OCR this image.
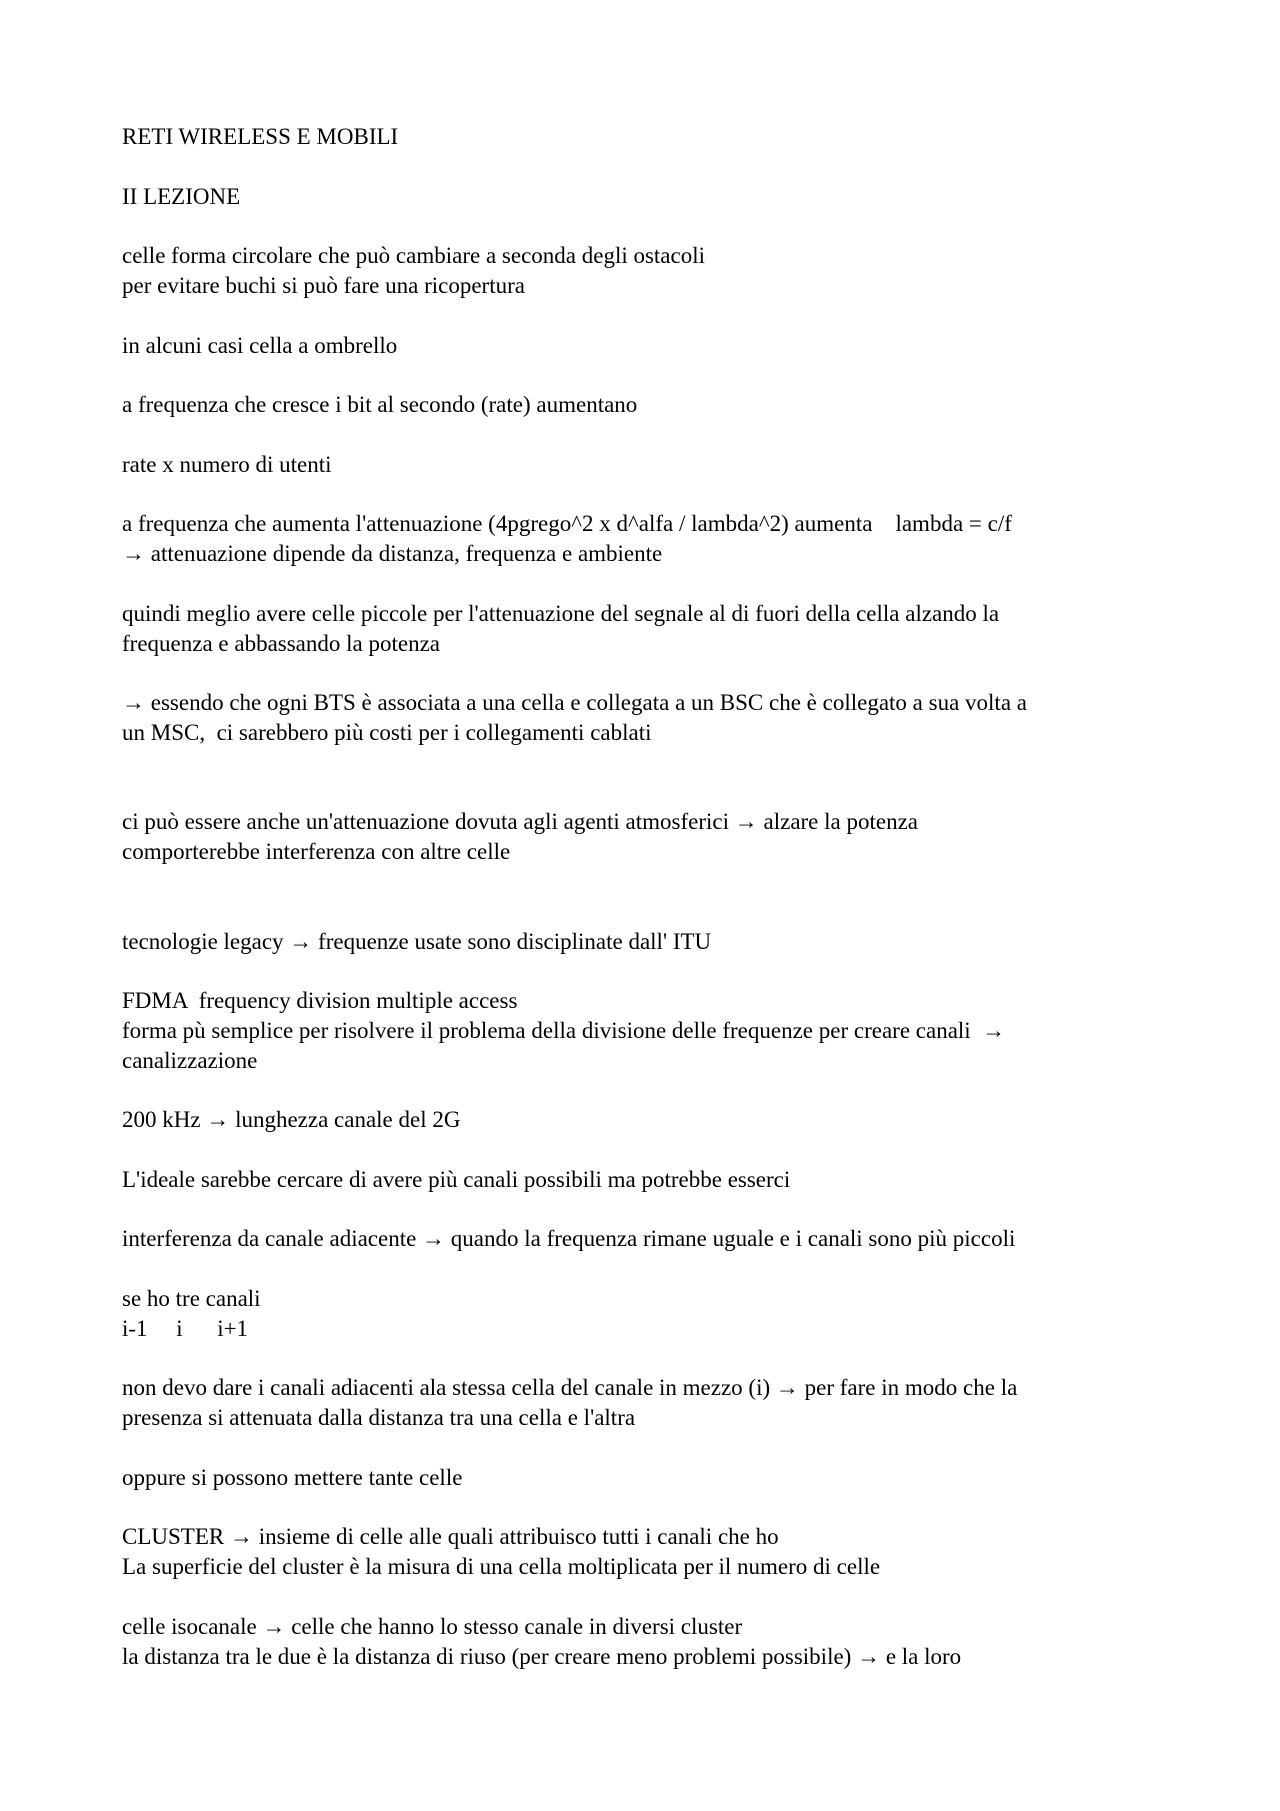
RETI WIRELESS E MOBILI
II LEZIONE
celle forma circolare che può cambiare a seconda degli ostacoli
per evitare buchi si può fare una ricopertura
in alcuni casi cella a ombrello
a frequenza che cresce i bit al secondo (rate) aumentano
rate x numero di utenti
a frequenza che aumenta l'attenuazione (4pgrego^2 x d^alfa / lambda^2) aumenta    lambda = c/f
→ attenuazione dipende da distanza, frequenza e ambiente
quindi meglio avere celle piccole per l'attenuazione del segnale al di fuori della cella alzando la
frequenza e abbassando la potenza
→ essendo che ogni BTS è associata a una cella e collegata a un BSC che è collegato a sua volta a
un MSC,  ci sarebbero più costi per i collegamenti cablati
ci può essere anche un'attenuazione dovuta agli agenti atmosferici → alzare la potenza
comporterebbe interferenza con altre celle
tecnologie legacy → frequenze usate sono disciplinate dall' ITU
FDMA  frequency division multiple access
forma pù semplice per risolvere il problema della divisione delle frequenze per creare canali  →
canalizzazione
200 kHz → lunghezza canale del 2G
L'ideale sarebbe cercare di avere più canali possibili ma potrebbe esserci
interferenza da canale adiacente → quando la frequenza rimane uguale e i canali sono più piccoli
se ho tre canali
i-1     i      i+1
non devo dare i canali adiacenti ala stessa cella del canale in mezzo (i) → per fare in modo che la
presenza si attenuata dalla distanza tra una cella e l'altra
oppure si possono mettere tante celle
CLUSTER → insieme di celle alle quali attribuisco tutti i canali che ho
La superficie del cluster è la misura di una cella moltiplicata per il numero di celle
celle isocanale → celle che hanno lo stesso canale in diversi cluster
la distanza tra le due è la distanza di riuso (per creare meno problemi possibile) → e la loro
